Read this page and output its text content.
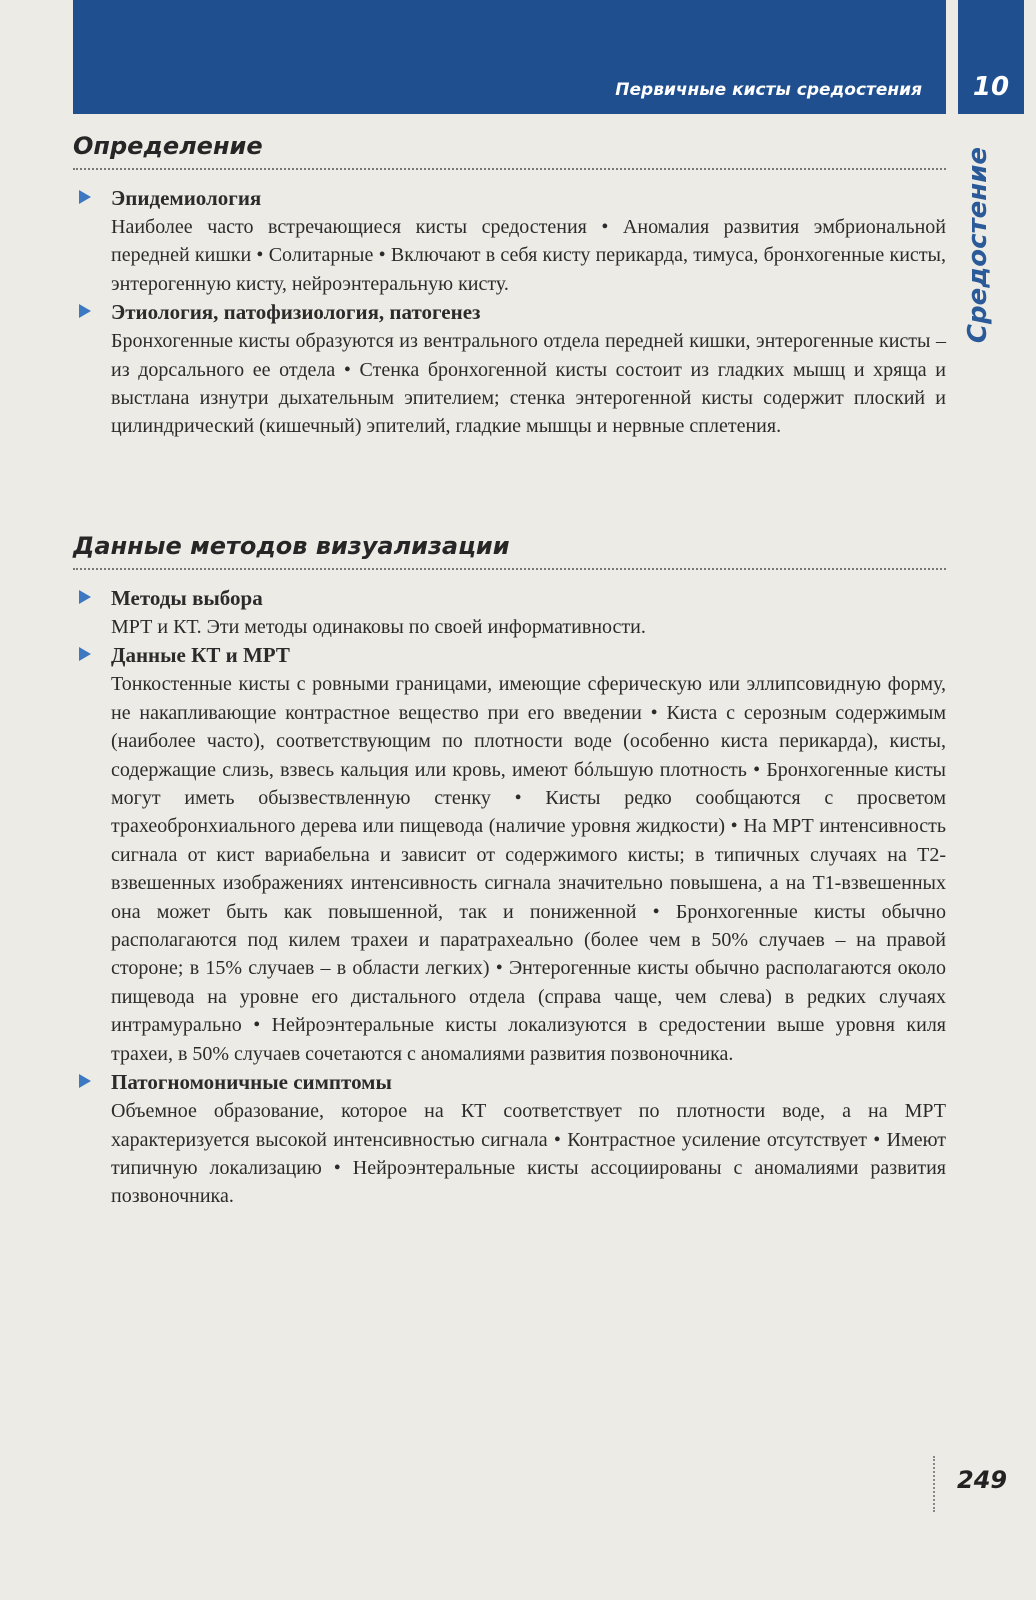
Первичные кисты средостения	10
Средостение
Определение

Эпидемиология

Наиболее часто встречающиеся кисты средостения • Аномалия развития эмбриональной передней кишки • Солитарные • Включают в себя кисту перикарда, тимуса, бронхогенные кисты, энтерогенную кисту, нейроэнтеральную кисту.

Этиология, патофизиология, патогенез

Бронхогенные кисты образуются из вентрального отдела передней кишки, энтерогенные кисты – из дорсального ее отдела • Стенка бронхогенной кисты состоит из гладких мышц и хряща и выстлана изнутри дыхательным эпителием; стенка энтерогенной кисты содержит плоский и цилиндрический (кишечный) эпителий, гладкие мышцы и нервные сплетения.

Данные методов визуализации

Методы выбора

МРТ и КТ. Эти методы одинаковы по своей информативности.

Данные КТ и МРТ

Тонкостенные кисты с ровными границами, имеющие сферическую или эллипсовидную форму, не накапливающие контрастное вещество при его введении • Киста с серозным содержимым (наиболее часто), соответствующим по плотности воде (особенно киста перикарда), кисты, содержащие слизь, взвесь кальция или кровь, имеют бóльшую плотность • Бронхогенные кисты могут иметь обызвествленную стенку • Кисты редко сообщаются с просветом трахеобронхиального дерева или пищевода (наличие уровня жидкости) • На МРТ интенсивность сигнала от кист вариабельна и зависит от содержимого кисты; в типичных случаях на Т2-взвешенных изображениях интенсивность сигнала значительно повышена, а на Т1-взвешенных она может быть как повышенной, так и пониженной • Бронхогенные кисты обычно располагаются под килем трахеи и паратрахеально (более чем в 50% случаев – на правой стороне; в 15% случаев – в области легких) • Энтерогенные кисты обычно располагаются около пищевода на уровне его дистального отдела (справа чаще, чем слева) в редких случаях интрамурально • Нейроэнтеральные кисты локализуются в средостении выше уровня киля трахеи, в 50% случаев сочетаются с аномалиями развития позвоночника.

Патогномоничные симптомы

Объемное образование, которое на КТ соответствует по плотности воде, а на МРТ характеризуется высокой интенсивностью сигнала • Контрастное усиление отсутствует • Имеют типичную локализацию • Нейроэнтеральные кисты ассоциированы с аномалиями развития позвоночника.

249
